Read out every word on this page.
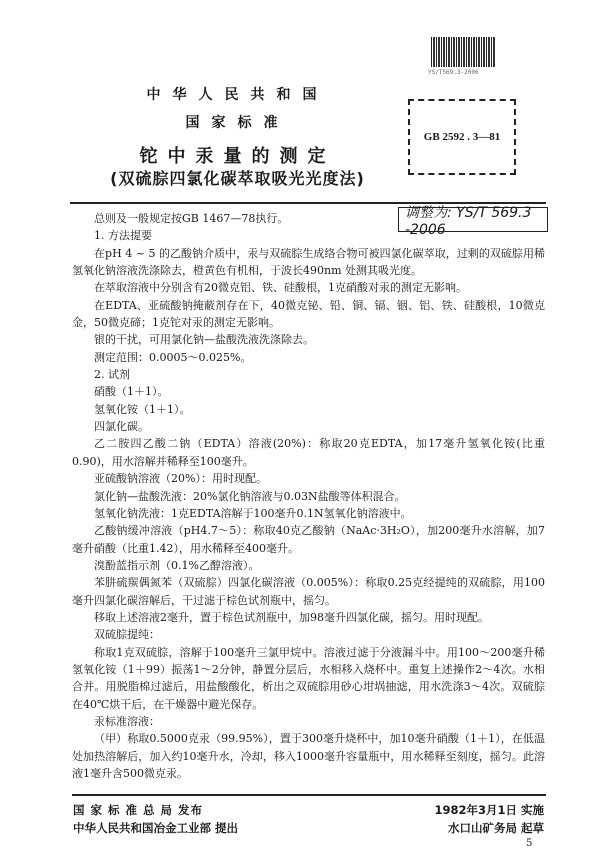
中华人民共和国
国家标准
铊中汞量的测定
(双硫腙四氯化碳萃取吸光光度法)
YS/T569.3-2006
GB 2592 . 3—81
调整为: YS/T 569.3 -2006

总则及一般规定按GB 1467—78执行。

1. 方法提要

在pH 4 ~ 5 的乙酸钠介质中，汞与双硫腙生成络合物可被四氯化碳萃取，过剩的双硫腙用稀氢氧化钠溶液洗涤除去，橙黄色有机相，于波长490nm 处测其吸光度。

在萃取溶液中分别含有20微克铝、铁、硅酸根，1克硝酸对汞的测定无影响。

在EDTA、亚硫酸钠掩蔽剂存在下，40微克铋、铅、铜、镉、铟、铝、铁、硅酸根，10微克金，50微克碲；1克铊对汞的测定无影响。

银的干扰，可用氯化钠—盐酸洗液洗涤除去。

测定范围：0.0005～0.025%。

2. 试剂

硝酸（1＋1）。

氢氧化铵（1＋1）。

四氯化碳。

乙二胺四乙酸二钠（EDTA）溶液(20%)：称取20克EDTA，加17毫升氢氧化铵(比重0.90)，用水溶解并稀释至100毫升。

亚硫酸钠溶液（20%）：用时现配。

氯化钠—盐酸洗液：20%氯化钠溶液与0.03N盐酸等体积混合。

氢氧化钠洗液：1克EDTA溶解于100毫升0.1N氢氧化钠溶液中。

乙酸钠缓冲溶液（pH4.7～5）：称取40克乙酸钠（NaAc·3H₂O），加200毫升水溶解，加7毫升硝酸（比重1.42），用水稀释至400毫升。

溴酚蓝指示剂（0.1%乙醇溶液）。

苯肼硫羰偶氮苯（双硫腙）四氯化碳溶液（0.005%）：称取0.25克经提纯的双硫腙，用100毫升四氯化碳溶解后，干过滤于棕色试剂瓶中，摇匀。

移取上述溶液2毫升，置于棕色试剂瓶中，加98毫升四氯化碳，摇匀。用时现配。

双硫腙提纯：

称取1克双硫腙，溶解于100毫升三氯甲烷中。溶液过滤于分液漏斗中。用100～200毫升稀氢氧化铵（1＋99）振荡1～2分钟，静置分层后，水相移入烧杯中。重复上述操作2～4次。水相合并。用脱脂棉过滤后，用盐酸酸化，析出之双硫腙用砂心坩埚抽滤，用水洗涤3～4次。双硫腙在40℃烘干后，在干燥器中避光保存。

汞标准溶液：

（甲）称取0.5000克汞（99.95%），置于300毫升烧杯中，加10毫升硝酸（1＋1），在低温处加热溶解后，加入约10毫升水，冷却，移入1000毫升容量瓶中，用水稀释至刻度，摇匀。此溶液1毫升含500微克汞。

国 家 标 准 总 局 发布
中华人民共和国冶金工业部 提出
1982年3月1日 实施
水口山矿务局 起草
5
